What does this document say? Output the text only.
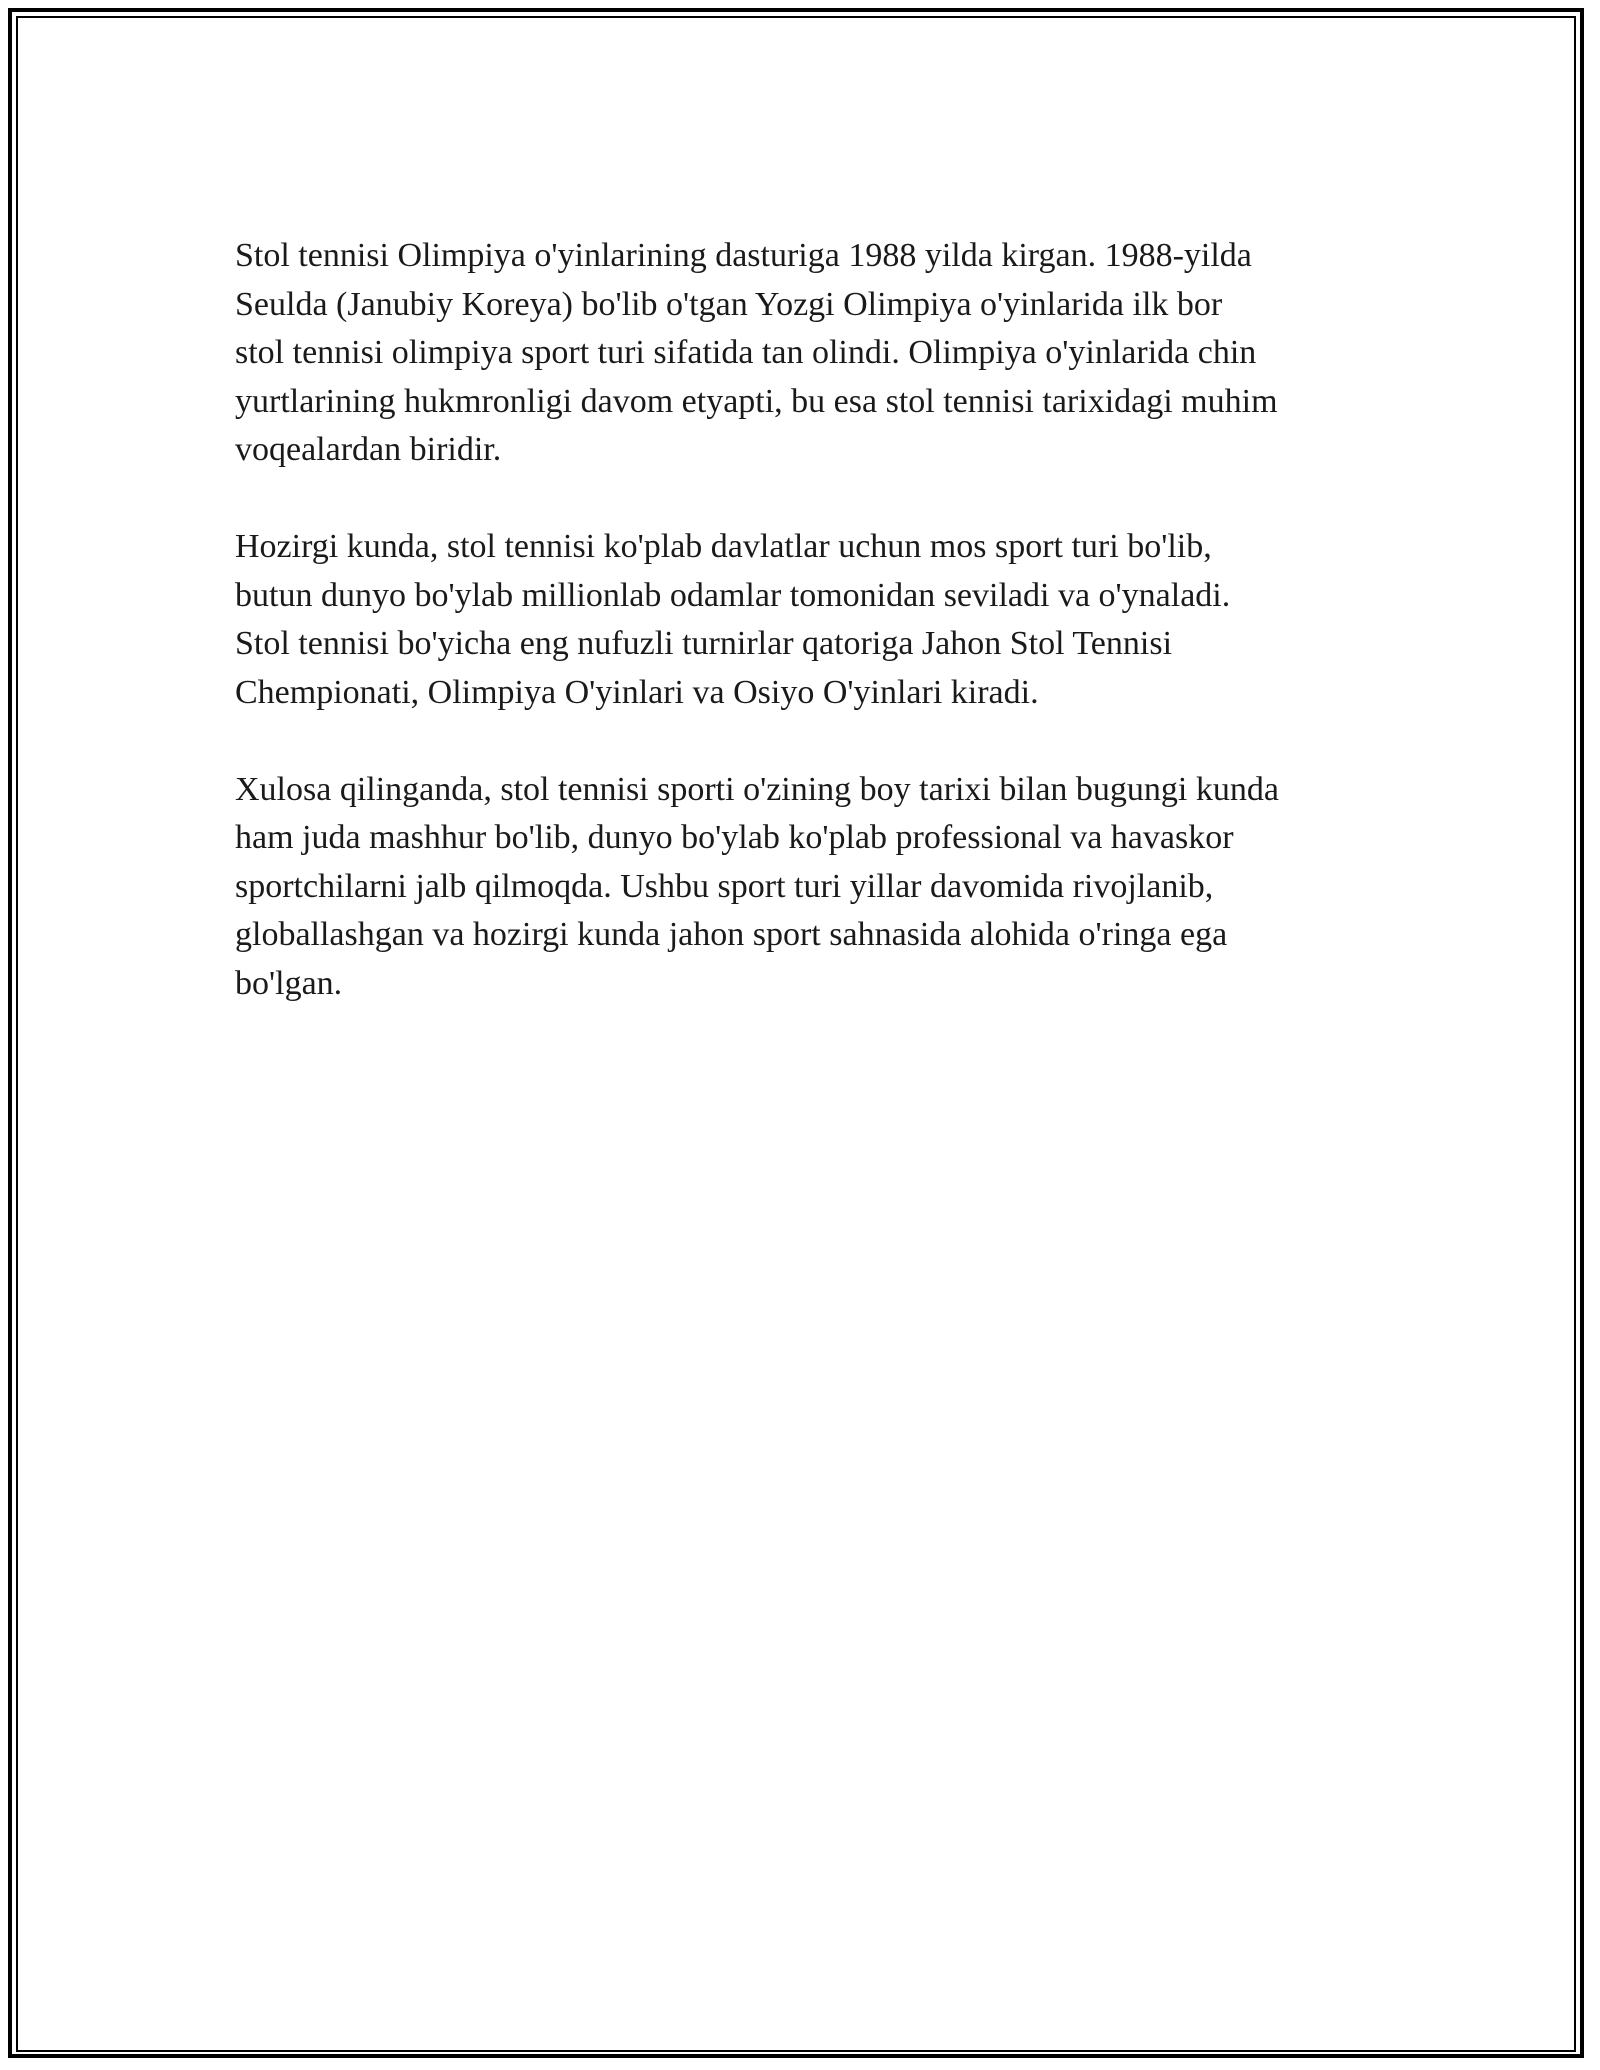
Stol tennisi Olimpiya o'yinlarining dasturiga 1988 yilda kirgan. 1988-yilda
Seulda (Janubiy Koreya) bo'lib o'tgan Yozgi Olimpiya o'yinlarida ilk bor
stol tennisi olimpiya sport turi sifatida tan olindi. Olimpiya o'yinlarida chin
yurtlarining hukmronligi davom etyapti, bu esa stol tennisi tarixidagi muhim
voqealardan biridir.

Hozirgi kunda, stol tennisi ko'plab davlatlar uchun mos sport turi bo'lib,
butun dunyo bo'ylab millionlab odamlar tomonidan seviladi va o'ynaladi.
Stol tennisi bo'yicha eng nufuzli turnirlar qatoriga Jahon Stol Tennisi
Chempionati, Olimpiya O'yinlari va Osiyo O'yinlari kiradi.

Xulosa qilinganda, stol tennisi sporti o'zining boy tarixi bilan bugungi kunda
ham juda mashhur bo'lib, dunyo bo'ylab ko'plab professional va havaskor
sportchilarni jalb qilmoqda. Ushbu sport turi yillar davomida rivojlanib,
globallashgan va hozirgi kunda jahon sport sahnasida alohida o'ringa ega
bo'lgan.
